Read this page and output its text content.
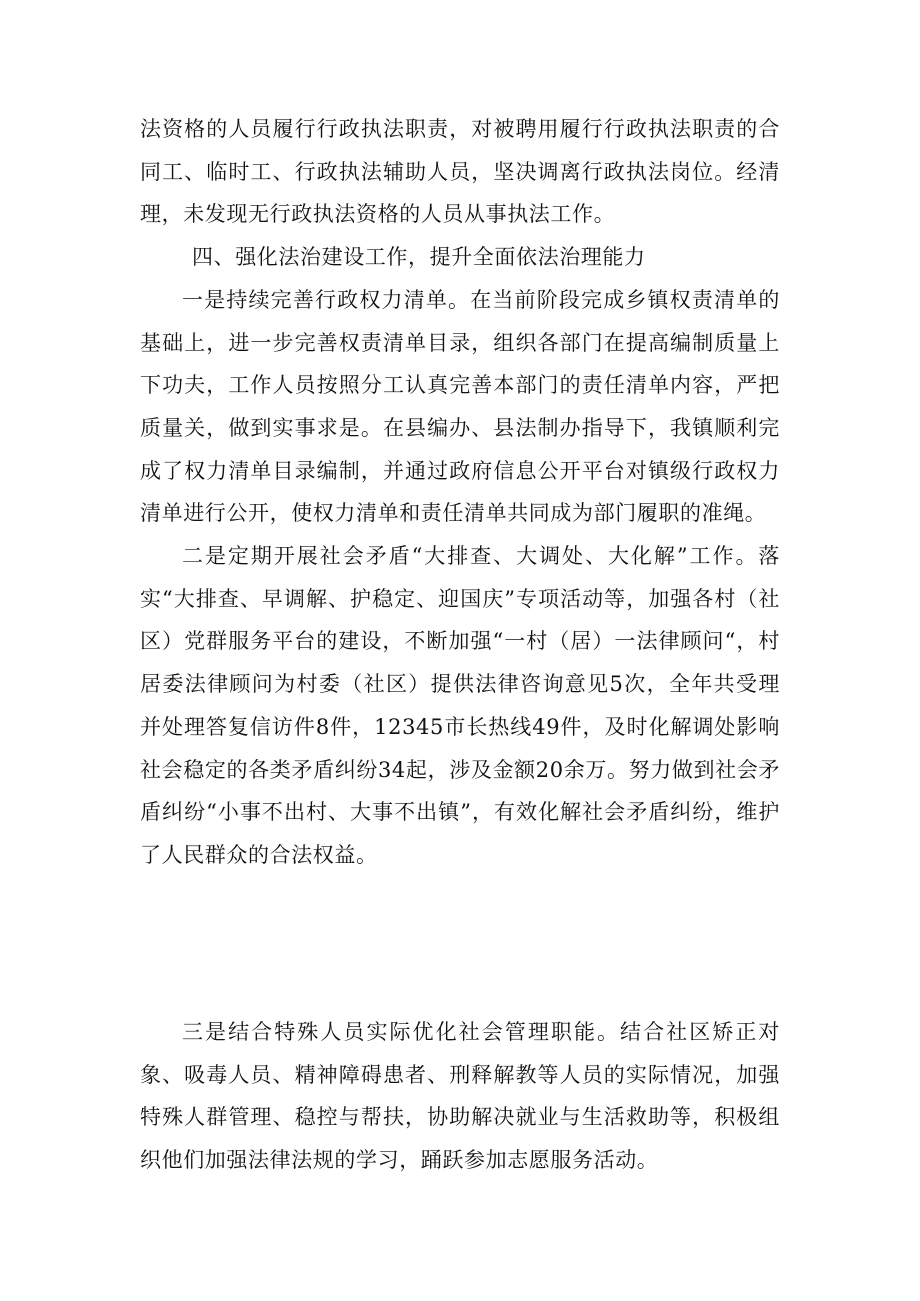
法资格的人员履行行政执法职责，对被聘用履行行政执法职责的合同工、临时工、行政执法辅助人员，坚决调离行政执法岗位。经清理，未发现无行政执法资格的人员从事执法工作。

四、强化法治建设工作，提升全面依法治理能力

一是持续完善行政权力清单。在当前阶段完成乡镇权责清单的基础上，进一步完善权责清单目录，组织各部门在提高编制质量上下功夫，工作人员按照分工认真完善本部门的责任清单内容，严把质量关，做到实事求是。在县编办、县法制办指导下，我镇顺利完成了权力清单目录编制，并通过政府信息公开平台对镇级行政权力清单进行公开，使权力清单和责任清单共同成为部门履职的准绳。

二是定期开展社会矛盾“大排查、大调处、大化解”工作。落实“大排查、早调解、护稳定、迎国庆”专项活动等，加强各村（社区）党群服务平台的建设，不断加强“一村（居）一法律顾问“，村居委法律顾问为村委（社区）提供法律咨询意见5次，全年共受理并处理答复信访件8件，12345市长热线49件，及时化解调处影响社会稳定的各类矛盾纠纷34起，涉及金额20余万。努力做到社会矛盾纠纷“小事不出村、大事不出镇”，有效化解社会矛盾纠纷，维护了人民群众的合法权益。

三是结合特殊人员实际优化社会管理职能。结合社区矫正对象、吸毒人员、精神障碍患者、刑释解教等人员的实际情况，加强特殊人群管理、稳控与帮扶，协助解决就业与生活救助等，积极组织他们加强法律法规的学习，踊跃参加志愿服务活动。
